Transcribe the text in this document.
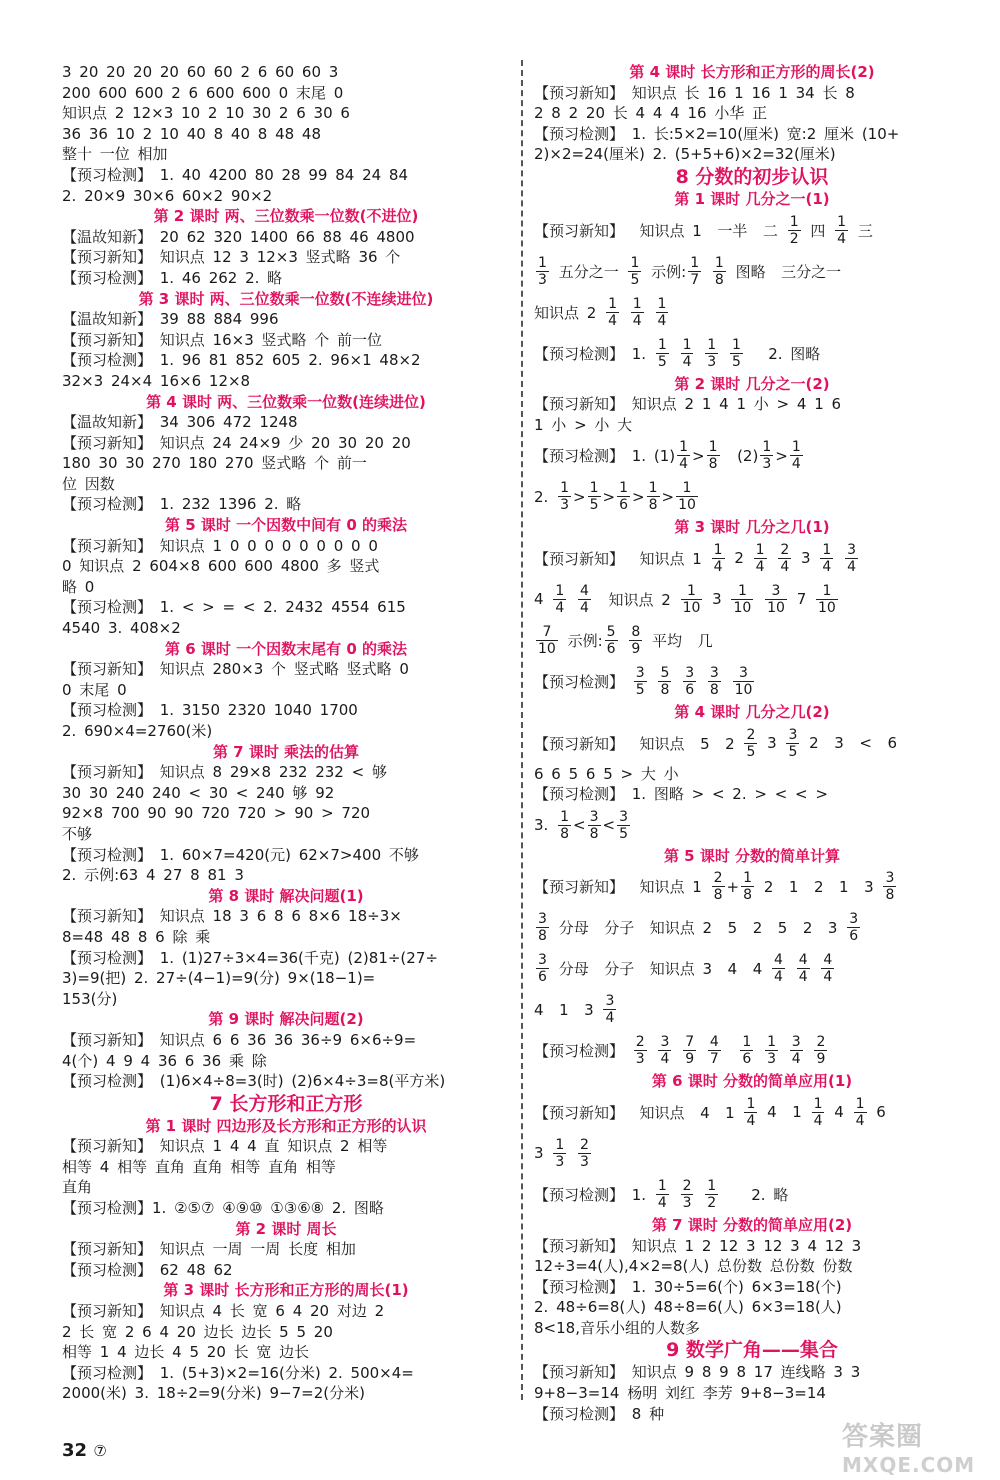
3 20 20 20 20 60 60 2 6 60 60 3
200 600 600 2 6 600 600 0 末尾 0
知识点 2 12×3 10 2 10 30 2 6 30 6
36 36 10 2 10 40 8 40 8 48 48
整十 一位 相加
【预习检测】 1. 40 4200 80 28 99 84 24 84
2. 20×9 30×6 60×2 90×2
第 2 课时 两、三位数乘一位数(不进位)
【温故知新】 20 62 320 1400 66 88 46 4800
【预习新知】 知识点 12 3 12×3 竖式略 36 个
【预习检测】 1. 46 262 2. 略
第 3 课时 两、三位数乘一位数(不连续进位)
【温故知新】 39 88 884 996
【预习新知】 知识点 16×3 竖式略 个 前一位
【预习检测】 1. 96 81 852 605 2. 96×1 48×2
32×3 24×4 16×6 12×8
第 4 课时 两、三位数乘一位数(连续进位)
【温故知新】 34 306 472 1248
【预习新知】 知识点 24 24×9 少 20 30 20 20
180 30 30 270 180 270 竖式略 个 前一
位 因数
【预习检测】 1. 232 1396 2. 略
第 5 课时 一个因数中间有 0 的乘法
【预习新知】 知识点 1 0 0 0 0 0 0 0 0 0
0 知识点 2 604×8 600 600 4800 多 竖式
略 0
【预习检测】 1. < > = < 2. 2432 4554 615
4540 3. 408×2
第 6 课时 一个因数末尾有 0 的乘法
【预习新知】 知识点 280×3 个 竖式略 竖式略 0
0 末尾 0
【预习检测】 1. 3150 2320 1040 1700
2. 690×4=2760(米)
第 7 课时 乘法的估算
【预习新知】 知识点 8 29×8 232 232 < 够
30 30 240 240 < 30 < 240 够 92
92×8 700 90 90 720 720 > 90 > 720
不够
【预习检测】 1. 60×7=420(元) 62×7>400 不够
2. 示例:63 4 27 8 81 3
第 8 课时 解决问题(1)
【预习新知】 知识点 18 3 6 8 6 8×6 18÷3×
8=48 48 8 6 除 乘
【预习检测】 1. (1)27÷3×4=36(千克) (2)81÷(27÷
3)=9(把) 2. 27÷(4−1)=9(分) 9×(18−1)=
153(分)
第 9 课时 解决问题(2)
【预习新知】 知识点 6 6 36 36 36÷9 6×6÷9=
4(个) 4 9 4 36 6 36 乘 除
【预习检测】 (1)6×4÷8=3(时) (2)6×4÷3=8(平方米)
7 长方形和正方形
第 1 课时 四边形及长方形和正方形的认识
【预习新知】 知识点 1 4 4 直 知识点 2 相等
相等 4 相等 直角 直角 相等 直角 相等
直角
【预习检测】1. ②⑤⑦ ④⑨⑩ ①③⑥⑧ 2. 图略
第 2 课时 周长
【预习新知】 知识点 一周 一周 长度 相加
【预习检测】 62 48 62
第 3 课时 长方形和正方形的周长(1)
【预习新知】 知识点 4 长 宽 6 4 20 对边 2
2 长 宽 2 6 4 20 边长 边长 5 5 20
相等 1 4 边长 4 5 20 长 宽 边长
【预习检测】 1. (5+3)×2=16(分米) 2. 500×4=
2000(米) 3. 18÷2=9(分米) 9−7=2(分米)
第 4 课时 长方形和正方形的周长(2)
【预习新知】 知识点 长 16 1 16 1 34 长 8
2 8 2 20 长 4 4 4 16 小华 正
【预习检测】 1. 长:5×2=10(厘米) 宽:2 厘米 (10+
2)×2=24(厘米) 2. (5+5+6)×2=32(厘米)
8 分数的初步认识
第 1 课时 几分之一(1)
【预习新知】  知识点 1  一半  二 $\frac{1}{2}$ 四 $\frac{1}{4}$ 三
$\frac{1}{3}$ 五分之一 $\frac{1}{5}$ 示例: $\frac{1}{7}$
$\frac{1}{8}$ 图略  三分之一
知识点 $2 \frac{1}{4}$
$\frac{1}{4}$
$\frac{1}{4}$
【预习检测】 1. $\frac{1}{5}$
$\frac{1}{4}$
$\frac{1}{3}$
$\frac{1}{5} 2$. 图略
第 2 课时 几分之一(2)
【预习新知】 知识点 2 1 4 1 小 > 4 1 6
1 小 > 小 大
【预习检测】 1. $(1) \frac{1}{4} > \frac{1}{8} (2) \frac{1}{3} > \frac{1}{4}$
2. $\frac{1}{3} > \frac{1}{5} > \frac{1}{6} > \frac{1}{8} > \frac{1}{10}$
第 3 课时 几分之几(1)
【预习新知】  知识点 $1 \frac{1}{4} 2 \frac{1}{4}$
$\frac{2}{4} 3 \frac{1}{4}$
$\frac{3}{4}$
$4 \frac{1}{4}$
$\frac{4}{4}$ 知识点 $2 \frac{1}{10} 3 \frac{1}{10}$
$\frac{3}{10} 7 \frac{1}{10}$
$\frac{7}{10}$ 示例: $\frac{5}{6}$
$\frac{8}{9}$ 平均  几
【预习检测】 $\frac{3}{5}$
$\frac{5}{8}$
$\frac{3}{6}$
$\frac{3}{8}$
$\frac{3}{10}$
第 4 课时 几分之几(2)
【预习新知】  知识点  5  $2 \frac{2}{5} 3 \frac{3}{5} 2$  3  <  6
6 6 5 6 5 > 大 小
【预习检测】 1. 图略 > < 2. > < < >
3. $\frac{1}{8} < \frac{3}{8} < \frac{3}{5}$
第 5 课时 分数的简单计算
【预习新知】  知识点 $1 \frac{2}{8} + \frac{1}{8} 2$  1  2  1  $3 \frac{3}{8}$
$\frac{3}{8}$ 分母  分子  知识点 2  5  2  5  2  $3 \frac{3}{6}$
$\frac{3}{6}$ 分母  分子  知识点 3  4  $4 \frac{4}{4}$
$\frac{4}{4}$
$\frac{4}{4}$
4  1  $3 \frac{3}{4}$
【预习检测】 $\frac{2}{3}$
$\frac{3}{4}$
$\frac{7}{9}$
$\frac{4}{7}$
$\frac{1}{6}$
$\frac{1}{3}$
$\frac{3}{4}$
$\frac{2}{9}$
第 6 课时 分数的简单应用(1)
【预习新知】  知识点  4  $1 \frac{1}{4} 4$  $1 \frac{1}{4} 4 \frac{1}{4} 6$
$3 \frac{1}{3}$
$\frac{2}{3}$
【预习检测】 1. $\frac{1}{4}$
$\frac{2}{3}$
$\frac{1}{2} 2$. 略
第 7 课时 分数的简单应用(2)
【预习新知】 知识点 1 2 12 3 12 3 4 12 3
12÷3=4(人),4×2=8(人) 总份数 总份数 份数
【预习检测】 1. 30÷5=6(个) 6×3=18(个)
2. 48÷6=8(人) 48÷8=6(人) 6×3=18(人)
8<18,音乐小组的人数多
9 数学广角——集合
【预习新知】 知识点 9 8 9 8 17 连线略 3 3
9+8−3=14 杨明 刘红 李芳 9+8−3=14
【预习检测】 8 种
32 ⑦	答案圈
MXQE.COM
